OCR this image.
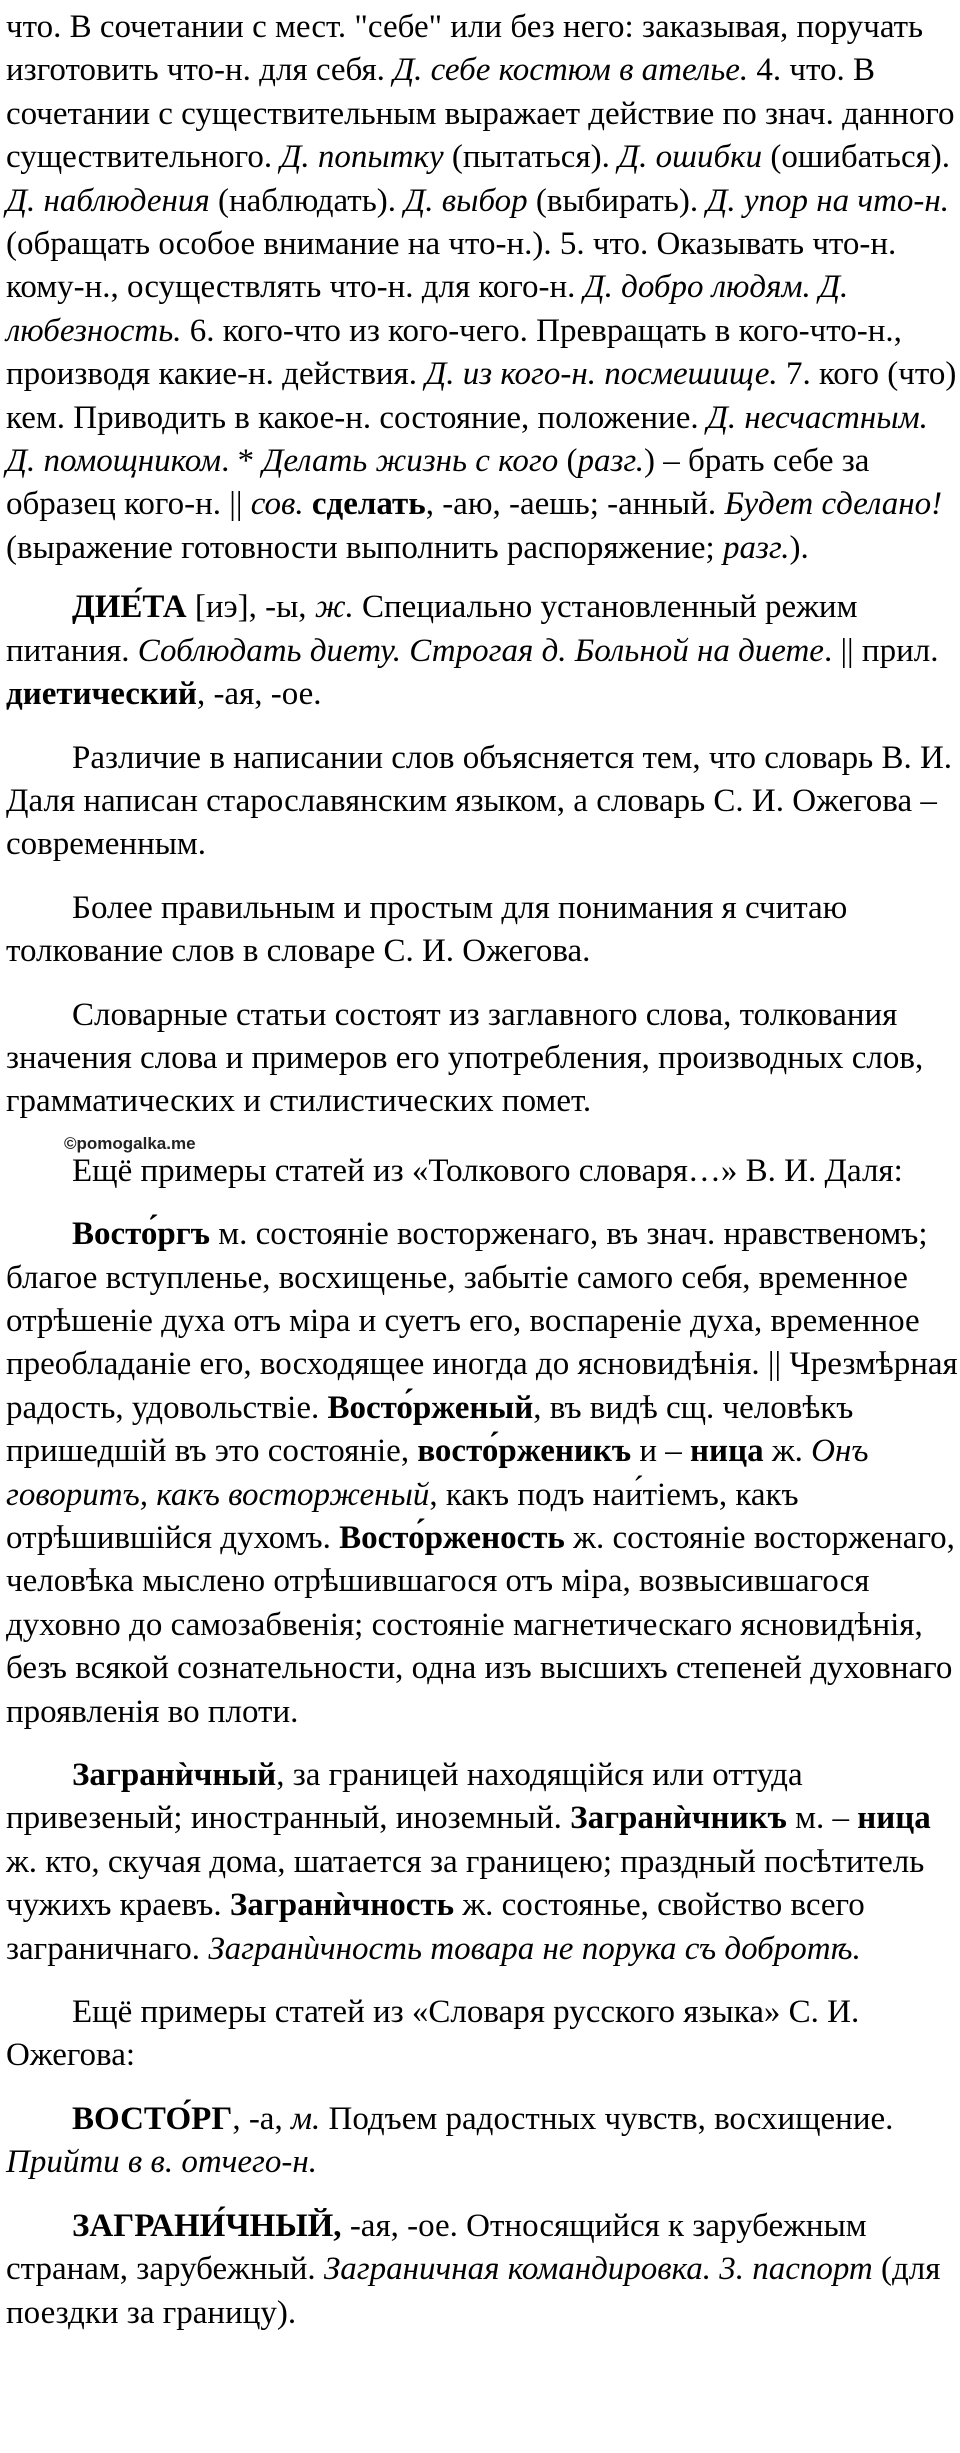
что. В сочетании с мест. "себе" или без него: заказывая, поручать изготовить что-н. для себя. Д. себе костюм в ателье. 4. что. В сочетании с существительным выражает действие по знач. данного существительного. Д. попытку (пытаться). Д. ошибки (ошибаться). Д. наблюдения (наблюдать). Д. выбор (выбирать). Д. упор на что-н. (обращать особое внимание на что-н.). 5. что. Оказывать что-н. кому-н., осуществлять что-н. для кого-н. Д. добро людям. Д. любезность. 6. кого-что из кого-чего. Превращать в кого-что-н., производя какие-н. действия. Д. из кого-н. посмешище. 7. кого (что) кем. Приводить в какое-н. состояние, положение. Д. несчастным. Д. помощником. * Делать жизнь с кого (разг.) – брать себе за образец кого-н. || сов. сделать, -аю, -аешь; -анный. Будет сделано! (выражение готовности выполнить распоряжение; разг.).

ДИЕ́ТА [иэ], -ы, ж. Специально установленный режим питания. Соблюдать диету. Строгая д. Больной на диете. || прил. диетический, -ая, -ое.

Различие в написании слов объясняется тем, что словарь В. И. Даля написан старославянским языком, а словарь С. И. Ожегова – современным.

Более правильным и простым для понимания я считаю толкование слов в словаре С. И. Ожегова.

Словарные статьи состоят из заглавного слова, толкования значения слова и примеров его употребления, производных слов, грамматических и стилистических помет.

©pomogalka.me

Ещё примеры статей из «Толкового словаря…» В. И. Даля:

Восто́ргъ м. состоянiе восторженаго, въ знач. нравственомъ; благое вступленье, восхищенье, забытiе самого себя, временное отрѣшенiе духа отъ мiра и суетъ его, воспаренiе духа, временное преобладанiе его, восходящее иногда до ясновидѣнiя. || Чрезмѣрная радость, удовольствiе. Восто́рженый, въ видѣ сщ. человѣкъ пришедшiй въ это состоянiе, восто́рженикъ и – ница ж. Онъ говоритъ, какъ восторженый, какъ подъ наи́тiемъ, какъ отрѣшившiйся духомъ. Восто́рженость ж. состоянiе восторженаго, человѣка мыслено отрѣшившагося отъ мiра, возвысившагося духовно до самозабвенiя; состоянiе магнетическаго ясновидѣнiя, безъ всякой сознательности, одна изъ высшихъ степеней духовнаго проявленiя во плоти.

Загранѝчный, за границей находящiйся или оттуда привезеный; иностранный, иноземный. Загранѝчникъ м. – ница ж. кто, скучая дома, шатается за границею; праздный посѣтитель чужихъ краевъ. Загранѝчность ж. состоянье, свойство всего заграничнаго. Загранѝчность товара не порука съ добротѣ.

Ещё примеры статей из «Словаря русского языка» С. И. Ожегова:

ВОСТО́РГ, -а, м. Подъем радостных чувств, восхищение. Прийти в в. отчего-н.

ЗАГРАНИ́ЧНЫЙ, -ая, -ое. Относящийся к зарубежным странам, зарубежный. Заграничная командировка. 3. паспорт (для поездки за границу).
